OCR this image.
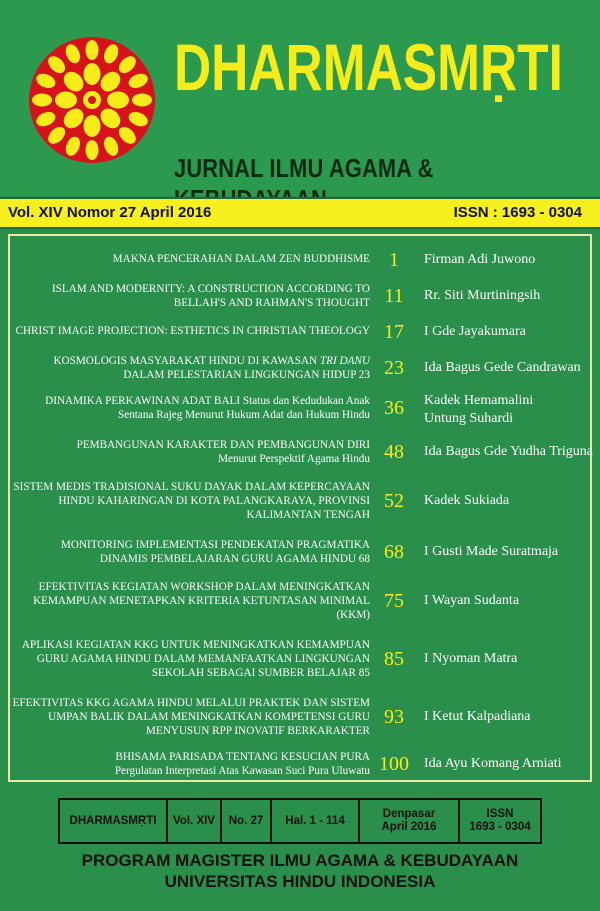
DHARMASMṚTI
JURNAL ILMU AGAMA &
Vol. XIV Nomor 27 April 2016	ISSN : 1693 - 0304
MAKNA PENCERAHAN DALAM ZEN BUDDHISME 1	Firman Adi Juwono
ISLAM AND MODERNITY: A CONSTRUCTION ACCORDING TO
BELLAH'S AND RAHMAN'S THOUGHT 11	Rr. Siti Murtiningsih
CHRIST IMAGE PROJECTION: ESTHETICS IN CHRISTIAN THEOLOGY 17	I Gde Jayakumara
KOSMOLOGIS MASYARAKAT HINDU DI KAWASAN TRI DANU
DALAM PELESTARIAN LINGKUNGAN HIDUP 23 23	Ida Bagus Gede Candrawan
DINAMIKA PERKAWINAN ADAT BALI Status dan Kedudukan Anak
Sentana Rajeg Menurut Hukum Adat dan Hukum Hindu 36	Kadek Hemamalini
Untung Suhardi
PEMBANGUNAN KARAKTER DAN PEMBANGUNAN DIRI
Menurut Perspektif Agama Hindu 48	Ida Bagus Gde Yudha Triguna
SISTEM MEDIS TRADISIONAL SUKU DAYAK DALAM KEPERCAYAAN
HINDU KAHARINGAN DI KOTA PALANGKARAYA, PROVINSI
KALIMANTAN TENGAH
52	Kadek Sukiada
MONITORING IMPLEMENTASI PENDEKATAN PRAGMATIKA
DINAMIS PEMBELAJARAN GURU AGAMA HINDU 68 68	I Gusti Made Suratmaja
EFEKTIVITAS KEGIATAN WORKSHOP DALAM MENINGKATKAN
KEMAMPUAN MENETAPKAN KRITERIA KETUNTASAN MINIMAL
(KKM)
75	I Wayan Sudanta
APLIKASI KEGIATAN KKG UNTUK MENINGKATKAN KEMAMPUAN
GURU AGAMA HINDU DALAM MEMANFAATKAN LINGKUNGAN
SEKOLAH SEBAGAI SUMBER BELAJAR 85
85	I Nyoman Matra
EFEKTIVITAS KKG AGAMA HINDU MELALUI PRAKTEK DAN SISTEM
UMPAN BALIK DALAM MENINGKATKAN KOMPETENSI GURU
MENYUSUN RPP INOVATIF BERKARAKTER
93	I Ketut Kalpadiana
BHISAMA PARISADA TENTANG KESUCIAN PURA
Pergulatan Interpretasi Atas Kawasan Suci Pura Uluwatu 100	Ida Ayu Komang Arniati
DHARMASMṚTI	Vol. XIV	No. 27	Hal. 1 - 114
Denpasar
April 2016
ISSN
1693 - 0304
PROGRAM MAGISTER ILMU AGAMA & KEBUDAYAAN
UNIVERSITAS HINDU INDONESIA
